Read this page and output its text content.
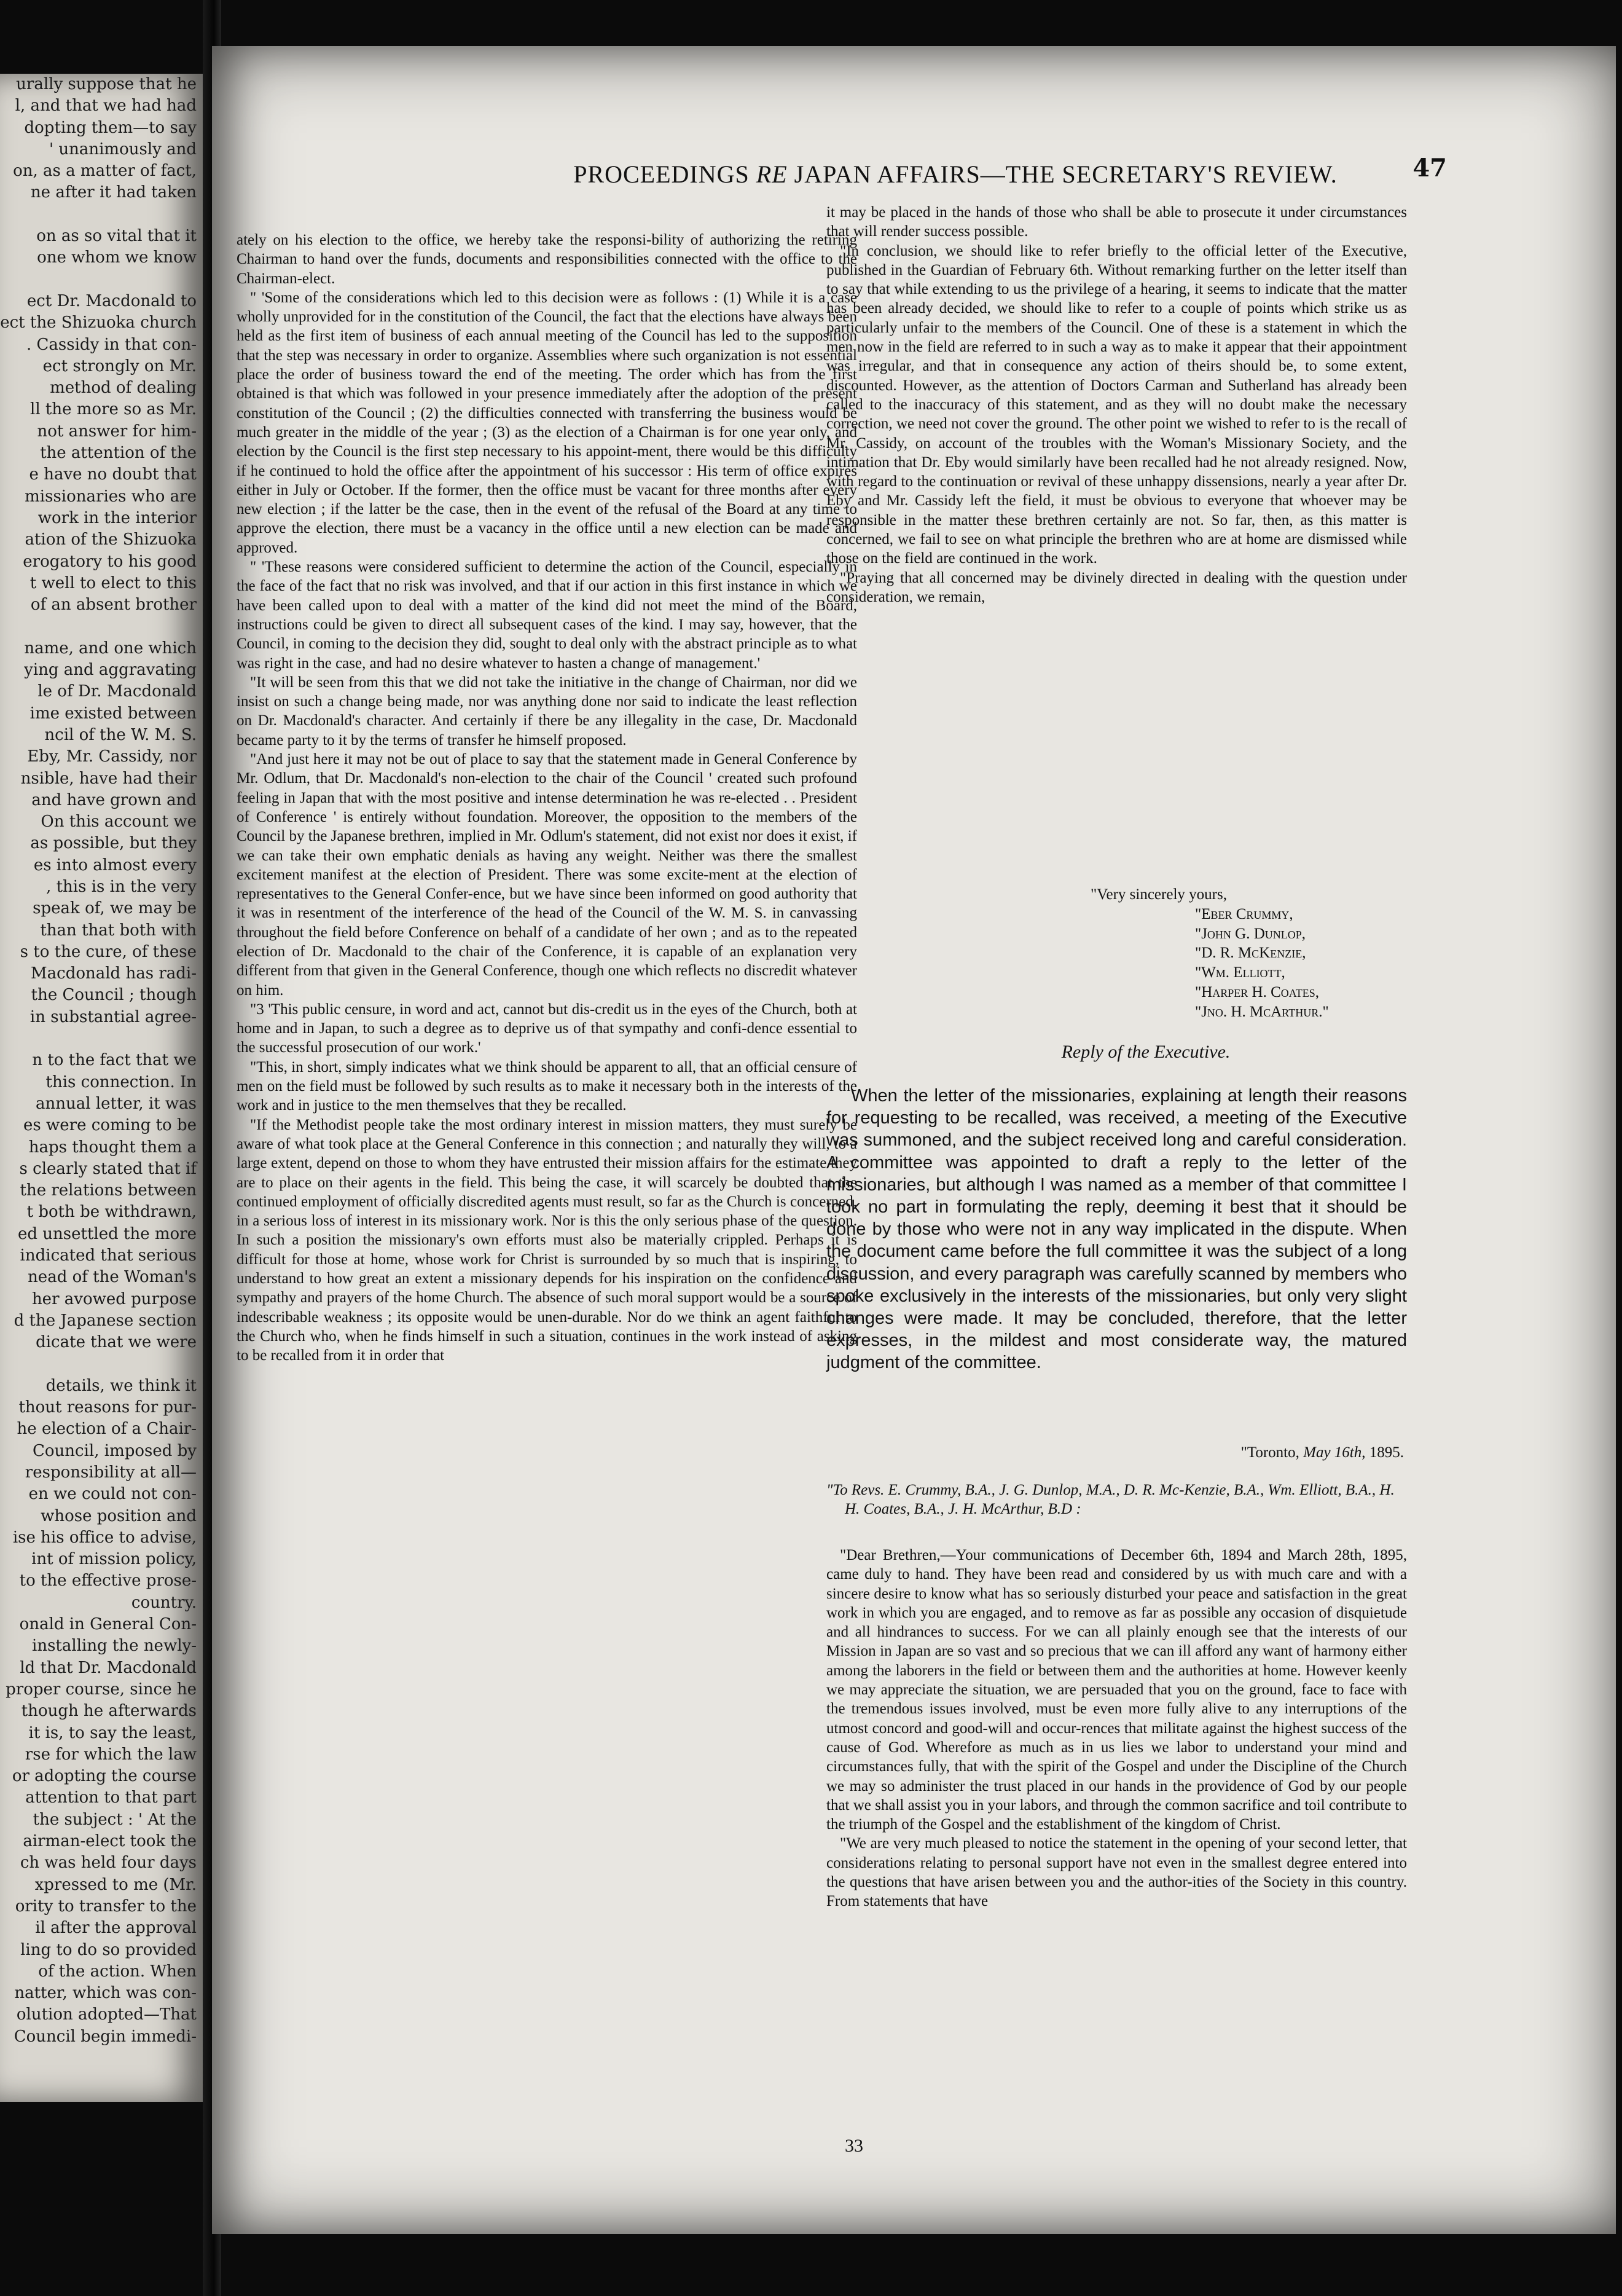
urally suppose that he
l, and that we had had
dopting them—to say
' unanimously and
on, as a matter of fact,
ne after it had taken

on as so vital that it
one whom we know

ect Dr. Macdonald to
ect the Shizuoka church
. Cassidy in that con-
ect strongly on Mr.
method of dealing
ll the more so as Mr.
not answer for him-
the attention of the
e have no doubt that
missionaries who are
work in the interior
ation of the Shizuoka
erogatory to his good
t well to elect to this
of an absent brother

name, and one which
ying and aggravating
le of Dr. Macdonald
ime existed between
ncil of the W. M. S.
Eby, Mr. Cassidy, nor
nsible, have had their
and have grown and
On this account we
as possible, but they
es into almost every
, this is in the very
speak of, we may be
than that both with
s to the cure, of these
Macdonald has radi-
the Council ; though
in substantial agree-

n to the fact that we
this connection. In
annual letter, it was
es were coming to be
haps thought them a
s clearly stated that if
the relations between
t both be withdrawn,
ed unsettled the more
indicated that serious
nead of the Woman's
her avowed purpose
d the Japanese section
dicate that we were

details, we think it
thout reasons for pur-
he election of a Chair-
Council, imposed by
responsibility at all—
en we could not con-
whose position and
ise his office to advise,
int of mission policy,
to the effective prose-
country.
onald in General Con-
installing the newly-
ld that Dr. Macdonald
proper course, since he
though he afterwards
it is, to say the least,
rse for which the law
or adopting the course
attention to that part
the subject : ' At the
airman-elect took the
ch was held four days
xpressed to me (Mr.
ority to transfer to the
il after the approval
ling to do so provided
of the action. When
natter, which was con-
olution adopted—That
Council begin immedi-
PROCEEDINGS RE JAPAN AFFAIRS—THE SECRETARY'S REVIEW.	47

ately on his election to the office, we hereby take the responsi-bility of authorizing the retiring Chairman to hand over the funds, documents and responsibilities connected with the office to the Chairman-elect.

" 'Some of the considerations which led to this decision were as follows : (1) While it is a case wholly unprovided for in the constitution of the Council, the fact that the elections have always been held as the first item of business of each annual meeting of the Council has led to the supposition that the step was necessary in order to organize. Assemblies where such organization is not essential place the order of business toward the end of the meeting. The order which has from the first obtained is that which was followed in your presence immediately after the adoption of the present constitution of the Council ; (2) the difficulties connected with transferring the business would be much greater in the middle of the year ; (3) as the election of a Chairman is for one year only, and election by the Council is the first step necessary to his appoint-ment, there would be this difficulty if he continued to hold the office after the appointment of his successor : His term of office expires either in July or October. If the former, then the office must be vacant for three months after every new election ; if the latter be the case, then in the event of the refusal of the Board at any time to approve the election, there must be a vacancy in the office until a new election can be made and approved.

" 'These reasons were considered sufficient to determine the action of the Council, especially in the face of the fact that no risk was involved, and that if our action in this first instance in which we have been called upon to deal with a matter of the kind did not meet the mind of the Board, instructions could be given to direct all subsequent cases of the kind. I may say, however, that the Council, in coming to the decision they did, sought to deal only with the abstract principle as to what was right in the case, and had no desire whatever to hasten a change of management.'

"It will be seen from this that we did not take the initiative in the change of Chairman, nor did we insist on such a change being made, nor was anything done nor said to indicate the least reflection on Dr. Macdonald's character. And certainly if there be any illegality in the case, Dr. Macdonald became party to it by the terms of transfer he himself proposed.

"And just here it may not be out of place to say that the statement made in General Conference by Mr. Odlum, that Dr. Macdonald's non-election to the chair of the Council ' created such profound feeling in Japan that with the most positive and intense determination he was re-elected . . President of Conference ' is entirely without foundation. Moreover, the opposition to the members of the Council by the Japanese brethren, implied in Mr. Odlum's statement, did not exist nor does it exist, if we can take their own emphatic denials as having any weight. Neither was there the smallest excitement manifest at the election of President. There was some excite-ment at the election of representatives to the General Confer-ence, but we have since been informed on good authority that it was in resentment of the interference of the head of the Council of the W. M. S. in canvassing throughout the field before Conference on behalf of a candidate of her own ; and as to the repeated election of Dr. Macdonald to the chair of the Conference, it is capable of an explanation very different from that given in the General Conference, though one which reflects no discredit whatever on him.

"3 'This public censure, in word and act, cannot but dis-credit us in the eyes of the Church, both at home and in Japan, to such a degree as to deprive us of that sympathy and confi-dence essential to the successful prosecution of our work.'

"This, in short, simply indicates what we think should be apparent to all, that an official censure of men on the field must be followed by such results as to make it necessary both in the interests of the work and in justice to the men themselves that they be recalled.

"If the Methodist people take the most ordinary interest in mission matters, they must surely be aware of what took place at the General Conference in this connection ; and naturally they will, to a large extent, depend on those to whom they have entrusted their mission affairs for the estimate they are to place on their agents in the field. This being the case, it will scarcely be doubted that the continued employment of officially discredited agents must result, so far as the Church is concerned, in a serious loss of interest in its missionary work. Nor is this the only serious phase of the question. In such a position the missionary's own efforts must also be materially crippled. Perhaps it is difficult for those at home, whose work for Christ is surrounded by so much that is inspiring, to understand to how great an extent a missionary depends for his inspiration on the confidence and sympathy and prayers of the home Church. The absence of such moral support would be a source of indescribable weakness ; its opposite would be unen-durable. Nor do we think an agent faithful to the Church who, when he finds himself in such a situation, continues in the work instead of asking to be recalled from it in order that

it may be placed in the hands of those who shall be able to prosecute it under circumstances that will render success possible.

"In conclusion, we should like to refer briefly to the official letter of the Executive, published in the Guardian of February 6th. Without remarking further on the letter itself than to say that while extending to us the privilege of a hearing, it seems to indicate that the matter has been already decided, we should like to refer to a couple of points which strike us as particularly unfair to the members of the Council. One of these is a statement in which the men now in the field are referred to in such a way as to make it appear that their appointment was irregular, and that in consequence any action of theirs should be, to some extent, discounted. However, as the attention of Doctors Carman and Sutherland has already been called to the inaccuracy of this statement, and as they will no doubt make the necessary correction, we need not cover the ground. The other point we wished to refer to is the recall of Mr. Cassidy, on account of the troubles with the Woman's Missionary Society, and the intimation that Dr. Eby would similarly have been recalled had he not already resigned. Now, with regard to the continuation or revival of these unhappy dissensions, nearly a year after Dr. Eby and Mr. Cassidy left the field, it must be obvious to everyone that whoever may be responsible in the matter these brethren certainly are not. So far, then, as this matter is concerned, we fail to see on what principle the brethren who are at home are dismissed while those on the field are continued in the work.

"Praying that all concerned may be divinely directed in dealing with the question under consideration, we remain,

"Very sincerely yours,
"Eber Crummy,
"John G. Dunlop,
"D. R. McKenzie,
"Wm. Elliott,
"Harper H. Coates,
"Jno. H. McArthur."
Reply of the Executive.
When the letter of the missionaries, explaining at length their reasons for requesting to be recalled, was received, a meeting of the Executive was summoned, and the subject received long and careful consideration. A committee was appointed to draft a reply to the letter of the missionaries, but although I was named as a member of that committee I took no part in formulating the reply, deeming it best that it should be done by those who were not in any way implicated in the dispute. When the document came before the full committee it was the subject of a long discussion, and every paragraph was carefully scanned by members who spoke exclusively in the interests of the missionaries, but only very slight changes were made. It may be concluded, therefore, that the letter expresses, in the mildest and most considerate way, the matured judgment of the committee.
"Toronto, May 16th, 1895.
"To Revs. E. Crummy, B.A., J. G. Dunlop, M.A., D. R. Mc-Kenzie, B.A., Wm. Elliott, B.A., H. H. Coates, B.A., J. H. McArthur, B.D :

"Dear Brethren,—Your communications of December 6th, 1894 and March 28th, 1895, came duly to hand. They have been read and considered by us with much care and with a sincere desire to know what has so seriously disturbed your peace and satisfaction in the great work in which you are engaged, and to remove as far as possible any occasion of disquietude and all hindrances to success. For we can all plainly enough see that the interests of our Mission in Japan are so vast and so precious that we can ill afford any want of harmony either among the laborers in the field or between them and the authorities at home. However keenly we may appreciate the situation, we are persuaded that you on the ground, face to face with the tremendous issues involved, must be even more fully alive to any interruptions of the utmost concord and good-will and occur-rences that militate against the highest success of the cause of God. Wherefore as much as in us lies we labor to understand your mind and circumstances fully, that with the spirit of the Gospel and under the Discipline of the Church we may so administer the trust placed in our hands in the providence of God by our people that we shall assist you in your labors, and through the common sacrifice and toil contribute to the triumph of the Gospel and the establishment of the kingdom of Christ.

"We are very much pleased to notice the statement in the opening of your second letter, that considerations relating to personal support have not even in the smallest degree entered into the questions that have arisen between you and the author-ities of the Society in this country. From statements that have

33
